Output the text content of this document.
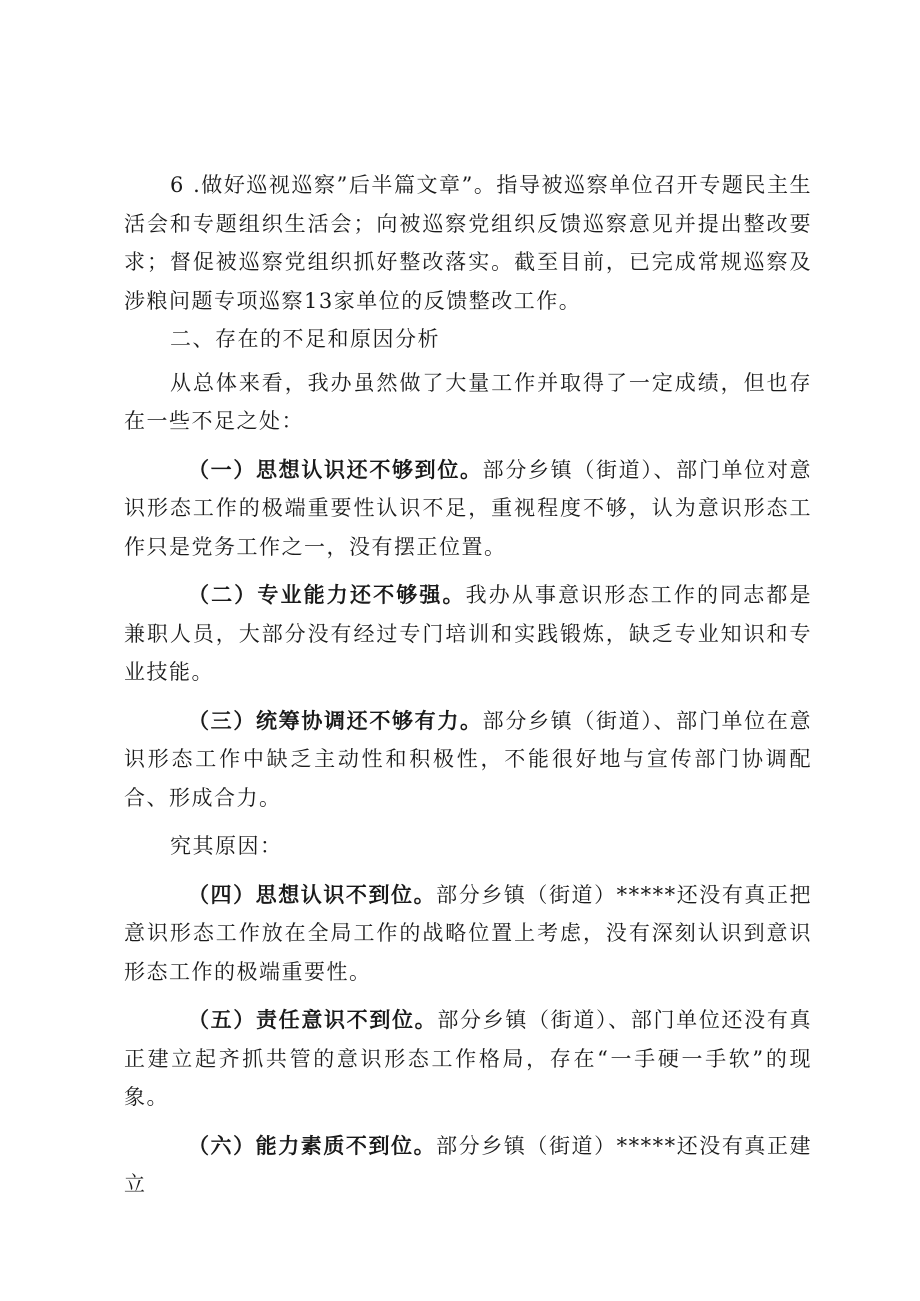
6 .做好巡视巡察”后半篇文章”。指导被巡察单位召开专题民主生活会和专题组织生活会；向被巡察党组织反馈巡察意见并提出整改要求；督促被巡察党组织抓好整改落实。截至目前，已完成常规巡察及涉粮问题专项巡察13家单位的反馈整改工作。

二、存在的不足和原因分析

从总体来看，我办虽然做了大量工作并取得了一定成绩，但也存在一些不足之处：

（一）思想认识还不够到位。部分乡镇（街道）、部门单位对意识形态工作的极端重要性认识不足，重视程度不够，认为意识形态工作只是党务工作之一，没有摆正位置。

（二）专业能力还不够强。我办从事意识形态工作的同志都是兼职人员，大部分没有经过专门培训和实践锻炼，缺乏专业知识和专业技能。

（三）统筹协调还不够有力。部分乡镇（街道）、部门单位在意识形态工作中缺乏主动性和积极性，不能很好地与宣传部门协调配合、形成合力。

究其原因：

（四）思想认识不到位。部分乡镇（街道）*****还没有真正把意识形态工作放在全局工作的战略位置上考虑，没有深刻认识到意识形态工作的极端重要性。

（五）责任意识不到位。部分乡镇（街道）、部门单位还没有真正建立起齐抓共管的意识形态工作格局，存在“一手硬一手软”的现象。

（六）能力素质不到位。部分乡镇（街道）*****还没有真正建立
